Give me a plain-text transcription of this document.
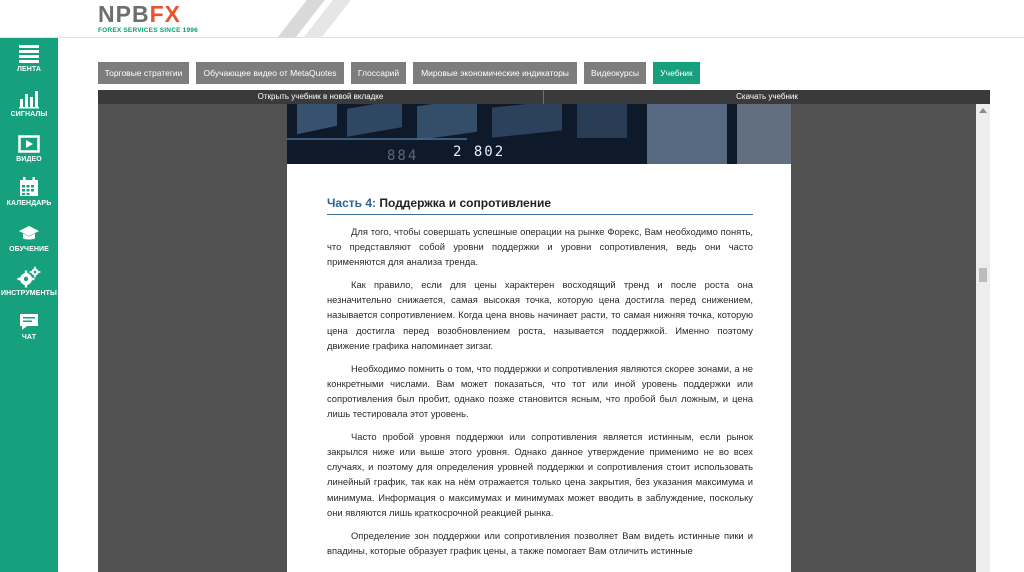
NPBFX
FOREX SERVICES SINCE 1996
ЛЕНТА
СИГНАЛЫ
ВИДЕО
КАЛЕНДАРЬ
ОБУЧЕНИЕ
ИНСТРУМЕНТЫ
ЧАТ
Торговые стратегии	Обучающее видео от MetaQuotes	Глоссарий	Мировые экономические индикаторы	Видеокурсы	Учебник
Открыть учебник в новой вкладке	Скачать учебник
884 2 802
Часть 4: Поддержка и сопротивление

Для того, чтобы совершать успешные операции на рынке Форекс, Вам необходимо понять, что представляют собой уровни поддержки и уровни сопротивления, ведь они часто применяются для анализа тренда.

Как правило, если для цены характерен восходящий тренд и после роста она незначительно снижается, самая высокая точка, которую цена достигла перед снижением, называется сопротивлением. Когда цена вновь начинает расти, то самая нижняя точка, которую цена достигла перед возобновлением роста, называется поддержкой. Именно поэтому движение графика напоминает зигзаг.

Необходимо помнить о том, что поддержки и сопротивления являются скорее зонами, а не конкретными числами. Вам может показаться, что тот или иной уровень поддержки или сопротивления был пробит, однако позже становится ясным, что пробой был ложным, и цена лишь тестировала этот уровень.

Часто пробой уровня поддержки или сопротивления является истинным, если рынок закрылся ниже или выше этого уровня. Однако данное утверждение применимо не во всех случаях, и поэтому для определения уровней поддержки и сопротивления стоит использовать линейный график, так как на нём отражается только цена закрытия, без указания максимума и минимума. Информация о максимумах и минимумах может вводить в заблуждение, поскольку они являются лишь краткосрочной реакцией рынка.

Определение зон поддержки или сопротивления позволяет Вам видеть истинные пики и впадины, которые образует график цены, а также помогает Вам отличить истинные
